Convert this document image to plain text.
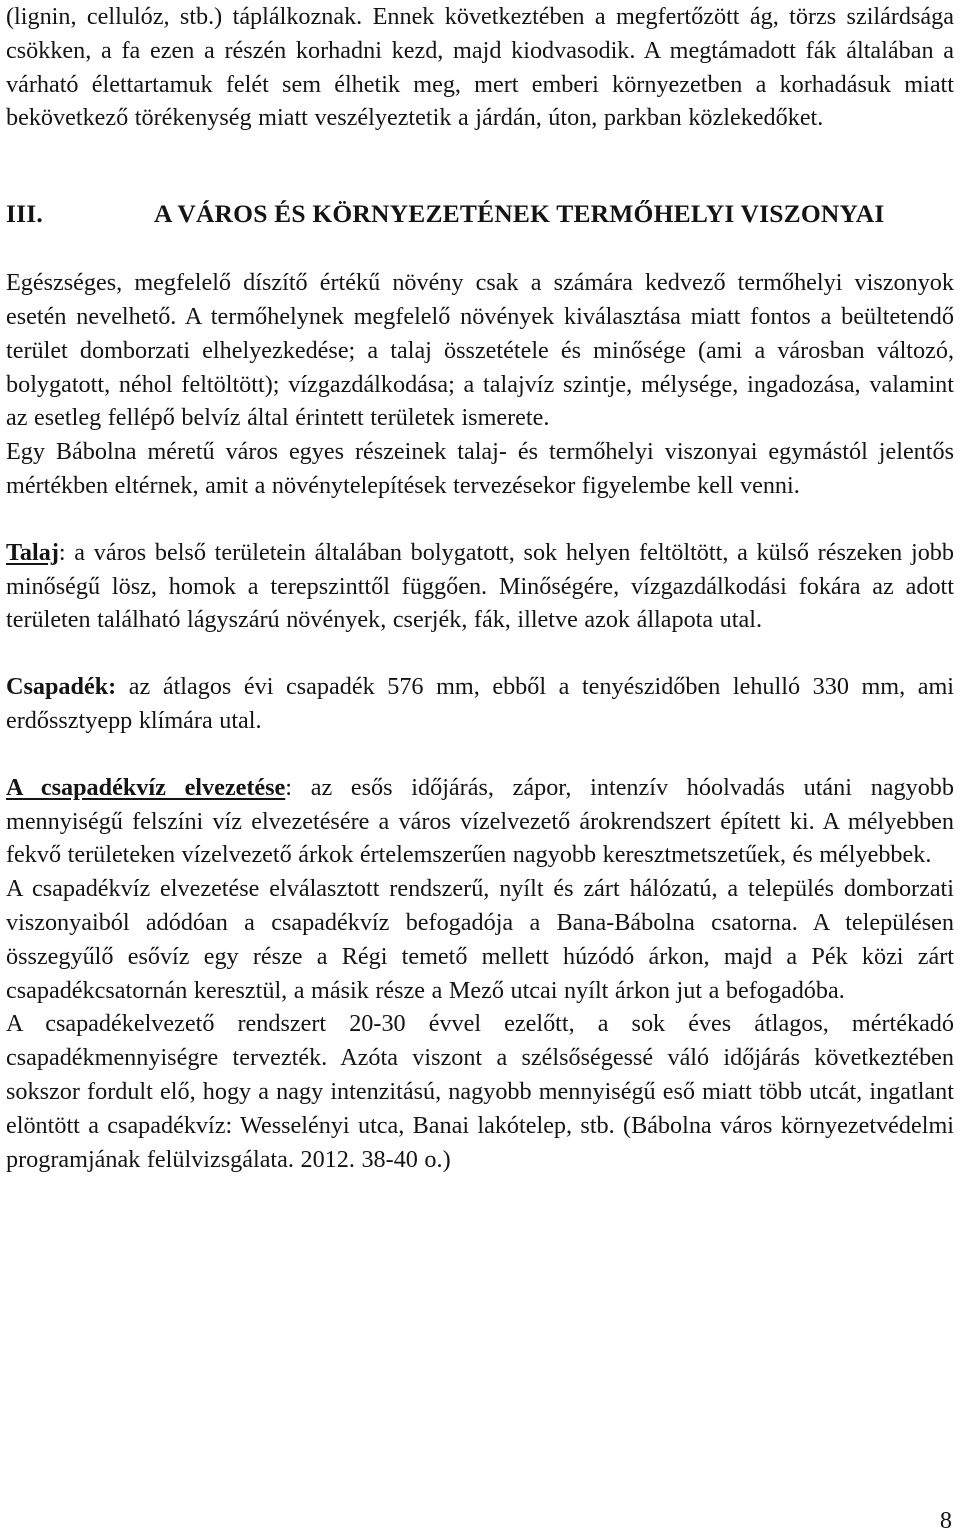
(lignin, cellulóz, stb.) táplálkoznak. Ennek következtében a megfertőzött ág, törzs szilárdsága csökken, a fa ezen a részén korhadni kezd, majd kiodvasodik. A megtámadott fák általában a várható élettartamuk felét sem élhetik meg, mert emberi környezetben a korhadásuk miatt bekövetkező törékenység miatt veszélyeztetik a járdán, úton, parkban közlekedőket.

III.	A VÁROS ÉS KÖRNYEZETÉNEK TERMŐHELYI VISZONYAI

Egészséges, megfelelő díszítő értékű növény csak a számára kedvező termőhelyi viszonyok esetén nevelhető. A termőhelynek megfelelő növények kiválasztása miatt fontos a beültetendő terület domborzati elhelyezkedése; a talaj összetétele és minősége (ami a városban változó, bolygatott, néhol feltöltött); vízgazdálkodása; a talajvíz szintje, mélysége, ingadozása, valamint az esetleg fellépő belvíz által érintett területek ismerete.

Egy Bábolna méretű város egyes részeinek talaj- és termőhelyi viszonyai egymástól jelentős mértékben eltérnek, amit a növénytelepítések tervezésekor figyelembe kell venni.

Talaj: a város belső területein általában bolygatott, sok helyen feltöltött, a külső részeken jobb minőségű lösz, homok a terepszinttől függően. Minőségére, vízgazdálkodási fokára az adott területen található lágyszárú növények, cserjék, fák, illetve azok állapota utal.

Csapadék: az átlagos évi csapadék 576 mm, ebből a tenyészidőben lehulló 330 mm, ami erdőssztyepp klímára utal.

A csapadékvíz elvezetése: az esős időjárás, zápor, intenzív hóolvadás utáni nagyobb mennyiségű felszíni víz elvezetésére a város vízelvezető árokrendszert épített ki. A mélyebben fekvő területeken vízelvezető árkok értelemszerűen nagyobb keresztmetszetűek, és mélyebbek.

A csapadékvíz elvezetése elválasztott rendszerű, nyílt és zárt hálózatú, a település domborzati viszonyaiból adódóan a csapadékvíz befogadója a Bana-Bábolna csatorna. A településen összegyűlő esővíz egy része a Régi temető mellett húzódó árkon, majd a Pék közi zárt csapadékcsatornán keresztül, a másik része a Mező utcai nyílt árkon jut a befogadóba.

A csapadékelvezető rendszert 20-30 évvel ezelőtt, a sok éves átlagos, mértékadó csapadékmennyiségre tervezték. Azóta viszont a szélsőségessé váló időjárás következtében sokszor fordult elő, hogy a nagy intenzitású, nagyobb mennyiségű eső miatt több utcát, ingatlant elöntött a csapadékvíz: Wesselényi utca, Banai lakótelep, stb. (Bábolna város környezetvédelmi programjának felülvizsgálata. 2012. 38-40 o.)

8
